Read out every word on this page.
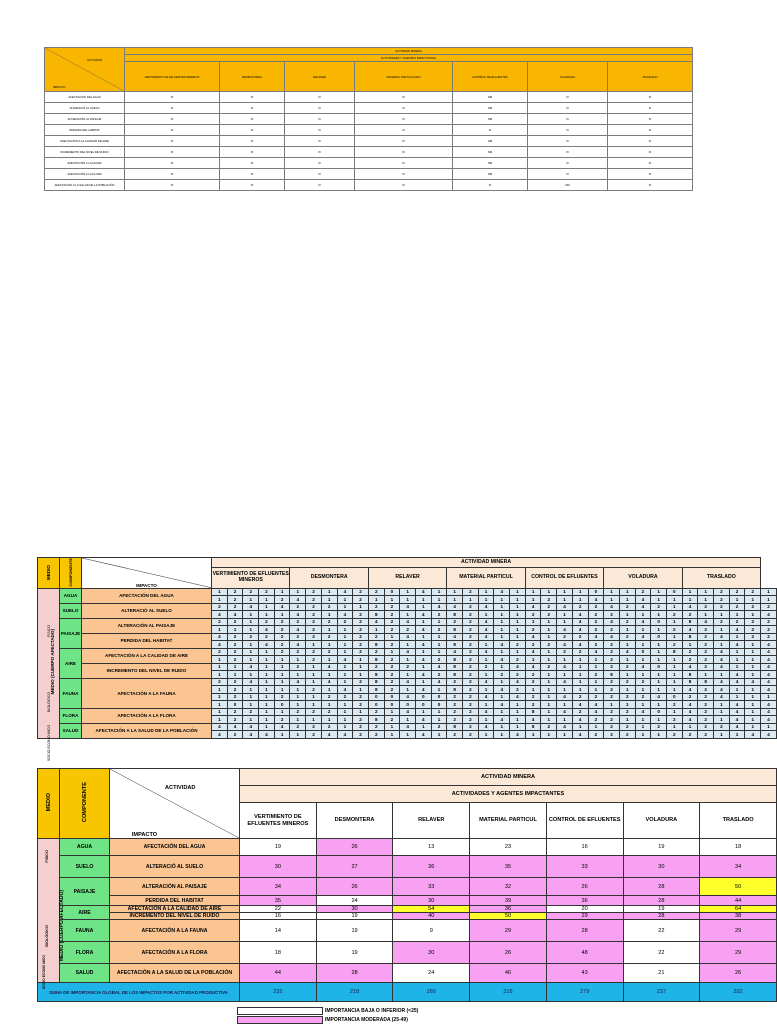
ACTIVIDAD
IMPACTO	ACTIVIDAD MINERA						
	ACTIVIDADES Y AGENTES IMPACTANTES						
	VERTIMIENTO DE EFLUENTES MINEROS	DESMONTERA	RELAVER	MATERIAL PARTICULADO	CONTROL DE EFLUENTES	VOLADURA	TRASLADO
AFECTACIÓN DEL AGUA	XI	XI	XI	XI	NM	XI	XI
ALTERACIÓ AL SUELO	XI	XI	XI	XI	NM	XI	XI
ALTERACIÓN AL PAISAJE	XI	XI	XI	XI	NM	XI	XI
PERDIDA DEL HABITAT	XI	XI	XI	XI	XI	XI	XI
AFECTACIÓN A LA CALIDAD DE AIRE	XI	XI	XI	XI	NM	XI	XI
INCREMENTO DEL NIVEL DE RUIDO	XI	XI	XI	XI	NM	XI	XI
AFECTACIÓN A LA FAUNA	XI	XI	XI	XI	NM	XI	XI
AFECTACIÓN A LA FLORA	XI	XI	XI	XI	NM	XI	XI
AFECTACIÓN A LA SALUD DE LA POBLACIÓN	XI	XI	XI	XI	XI	NM	XI
MEDIO	COMPONENTE	IMPACTO	ACTIVIDAD MINERA																																			
			VERTIMIENTO DE EFLUENTES MINEROS					DESMONTERA					RELAVER					MATERIAL PARTICUL					CONTROL DE EFLUENTES					VOLADURA					TRASLADO					

MEDIO (CUERPO AFECTADO)	AGUA	AFECTACIÓN DEL AGUA	1	2	2	2	1	1	2	1	4	2	2	0	1	4	1	1	2	1	4	1	1	1	1	1	0	1	1	2	1	0	1	1	2	2	2	1
			1	2	1	1	2	4	2	1	1	2	1	1	1	1	1	1	1	1	1	1	1	2	1	1	4	1	1	4	1	1	1	1	2	1	1	1
	SUELO	ALTERACIÓ AL SUELO	2	2	4	1	4	2	2	2	1	1	2	2	4	1	4	4	2	4	1	1	4	2	4	2	2	4	2	4	2	1	4	2	2	2	2	2
			4	4	1	1	1	4	2	1	4	2	8	2	1	4	2	8	2	1	1	1	2	2	1	4	2	2	1	1	1	2	2	1	1	1	1	4
	PAISAJE	ALTERACIÓN AL PAISAJE	2	2	1	2	2	2	2	2	2	2	4	2	4	1	1	2	2	4	1	1	1	1	1	4	2	4	2	4	0	1	8	4	2	2	2	2
			1	1	1	4	2	4	2	1	1	2	1	2	2	4	2	8	2	4	1	1	2	1	4	4	2	2	1	1	1	2	4	2	1	4	2	2
		PERDIDA DEL HABITAT	4	2	2	2	2	2	2	2	1	2	2	1	4	1	1	4	2	4	1	1	4	1	2	2	4	4	2	4	0	1	8	2	4	1	2	2
			4	2	1	4	2	4	1	1	1	2	8	2	1	4	1	8	2	1	4	2	2	2	4	4	2	2	1	1	1	2	1	2	1	4	1	4
	AIRE	AFECTACIÓN A LA CALIDAD DE AIRE	2	2	1	1	2	2	2	2	1	2	2	1	4	1	1	4	2	4	1	1	4	1	2	2	4	2	4	0	1	8	2	2	4	1	1	4
			1	2	1	1	1	1	2	1	4	1	8	2	1	4	2	8	2	1	4	2	1	1	1	1	1	2	1	1	1	1	2	2	4	1	1	4
		INCREMENTO DEL NIVEL DE RUIDO	1	1	4	1	1	2	1	4	1	1	2	2	2	1	4	8	2	2	1	4	4	2	4	1	1	2	2	4	0	1	4	2	4	1	1	4
			1	1	1	1	1	1	1	1	1	1	8	2	1	4	2	8	2	1	2	2	2	1	1	1	2	8	1	1	1	1	8	1	1	4	1	4
	FAUNA	AFECTACIÓN A LA FAUNA	2	2	4	1	1	4	1	4	1	2	8	2	4	1	4	2	2	4	1	4	2	1	4	1	1	2	2	2	1	1	8	8	4	4	4	4
			1	2	1	1	1	1	2	1	4	1	8	2	1	4	1	8	2	1	4	2	1	1	1	1	1	2	1	1	1	1	4	2	4	1	1	4
			1	2	1	1	2	1	1	2	2	2	0	0	4	0	0	2	2	4	1	4	2	1	4	2	2	2	2	2	4	0	2	2	4	1	1	1
			1	0	1	1	0	1	1	1	1	2	0	0	0	0	0	2	2	1	4	1	2	1	1	4	4	1	1	1	1	2	4	2	1	4	1	4
	FLORA	AFECTACIÓN A LA FLORA	1	2	2	1	1	2	2	2	1	1	2	1	4	1	1	2	2	4	1	1	8	1	4	2	4	2	2	4	0	1	4	2	1	4	1	4
			1	2	1	1	2	1	1	1	1	2	8	2	1	4	1	2	2	1	4	1	4	1	1	4	2	2	1	1	1	2	4	2	1	4	1	4
	SALUD	AFECTACIÓN A LA SALUD DE LA POBLACIÓN	4	4	4	1	4	2	2	2	1	2	2	1	4	1	2	8	2	4	1	1	8	2	4	1	1	2	2	1	2	1	1	2	2	4	1	1
			4	2	4	4	1	1	2	4	4	2	2	1	1	4	1	2	2	1	1	4	1	1	1	4	2	2	2	1	1	2	2	2	1	1	4	4
MEDIO	COMPONENTE	ACTIVIDAD
IMPACTO	ACTIVIDAD MINERA						
			ACTIVIDADES Y AGENTES IMPACTANTES						
			VERTIMIENTO DE EFLUENTES MINEROS	DESMONTERA	RELAVER	MATERIAL PARTICUL	CONTROL DE EFLUENTES	VOLADURA	TRASLADO
	AGUA	AFECTACIÓN DEL AGUA	19	26	13	23	16	19	18
	SUELO	ALTERACIÓ AL SUELO	30	27	36	35	33	30	34
	PAISAJE	ALTERACIÓN AL PAISAJE	34	26	33	32	26	28	50
		PERDIDA DEL HABITAT	35	24	30	39	36	28	44
	AIRE	AFECTACIÓN A LA CALIDAD DE AIRE	22	30	54	36	20	19	64
		INCREMENTO DEL NIVEL DE RUIDO	16	19	40	50	29	28	38
	FAUNA	AFECTACIÓN A LA FAUNA	14	19	9	29	28	22	29
	FLORA	AFECTACIÓN A LA FLORA	18	19	30	26	48	22	29
	SALUD	AFECTACIÓN A LA SALUD DE LA POBLACIÓN	44	28	24	46	43	21	26
SUMA DE IMPORTANCIA GLOBAL DE LOS IMPACTOS POR ACTIVIDAD PRODUCTIVA			232	218	269	316	279	237	332
IMPORTANCIA BAJA O INFERIOR (<25)
IMPORTANCIA MODERADA (25-49)
FISICO
BIOLÓGICO
SOCIO ECONO MICO
MEDIO (CUERPO AFECTADO)
FISICO
BIOLÓGICO
SOCIO ECONO MICO
